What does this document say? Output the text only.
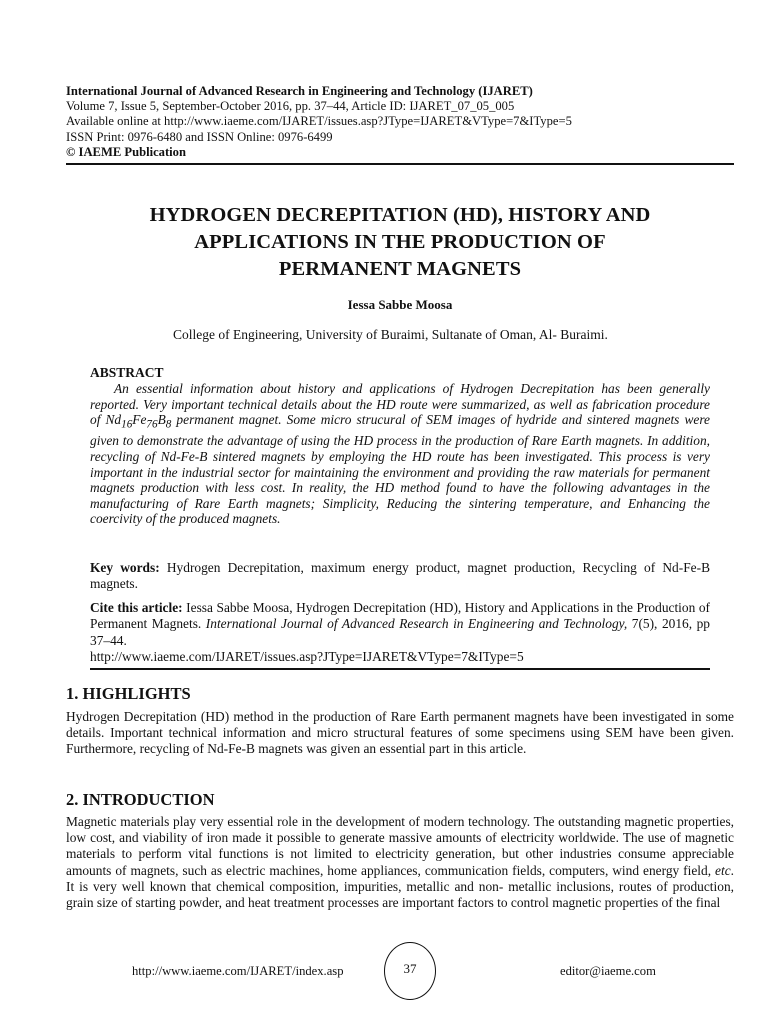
International Journal of Advanced Research in Engineering and Technology (IJARET)
Volume 7, Issue 5, September-October 2016, pp. 37–44, Article ID: IJARET_07_05_005
Available online at http://www.iaeme.com/IJARET/issues.asp?JType=IJARET&VType=7&IType=5
ISSN Print: 0976-6480 and ISSN Online: 0976-6499
© IAEME Publication
HYDROGEN DECREPITATION (HD), HISTORY AND
APPLICATIONS IN THE PRODUCTION OF
PERMANENT MAGNETS
Iessa Sabbe Moosa
College of Engineering, University of Buraimi, Sultanate of Oman, Al- Buraimi.
ABSTRACT
An essential information about history and applications of Hydrogen Decrepitation has been generally reported. Very important technical details about the HD route were summarized, as well as fabrication procedure of $Nd_{16}Fe_{76}B_8$ permanent magnet. Some micro strucural of SEM images of hydride and sintered magnets were given to demonstrate the advantage of using the HD process in the production of Rare Earth magnets. In addition, recycling of Nd-Fe-B sintered magnets by employing the HD route has been investigated. This process is very important in the industrial sector for maintaining the environment and providing the raw materials for permanent magnets production with less cost. In reality, the HD method found to have the following advantages in the manufacturing of Rare Earth magnets; Simplicity, Reducing the sintering temperature, and Enhancing the coercivity of the produced magnets.
Key words: Hydrogen Decrepitation, maximum energy product, magnet production, Recycling of Nd-Fe-B magnets.
Cite this article: Iessa Sabbe Moosa, Hydrogen Decrepitation (HD), History and Applications in the Production of Permanent Magnets. International Journal of Advanced Research in Engineering and Technology, 7(5), 2016, pp 37–44.
http://www.iaeme.com/IJARET/issues.asp?JType=IJARET&VType=7&IType=5
1. HIGHLIGHTS
Hydrogen Decrepitation (HD) method in the production of Rare Earth permanent magnets have been investigated in some details. Important technical information and micro structural features of some specimens using SEM have been given. Furthermore, recycling of Nd-Fe-B magnets was given an essential part in this article.
2. INTRODUCTION
Magnetic materials play very essential role in the development of modern technology. The outstanding magnetic properties, low cost, and viability of iron made it possible to generate massive amounts of electricity worldwide. The use of magnetic materials to perform vital functions is not limited to electricity generation, but other industries consume appreciable amounts of magnets, such as electric machines, home appliances, communication fields, computers, wind energy field, etc. It is very well known that chemical composition, impurities, metallic and non- metallic inclusions, routes of production, grain size of starting powder, and heat treatment processes are important factors to control magnetic properties of the final
http://www.iaeme.com/IJARET/index.asp	37	editor@iaeme.com
